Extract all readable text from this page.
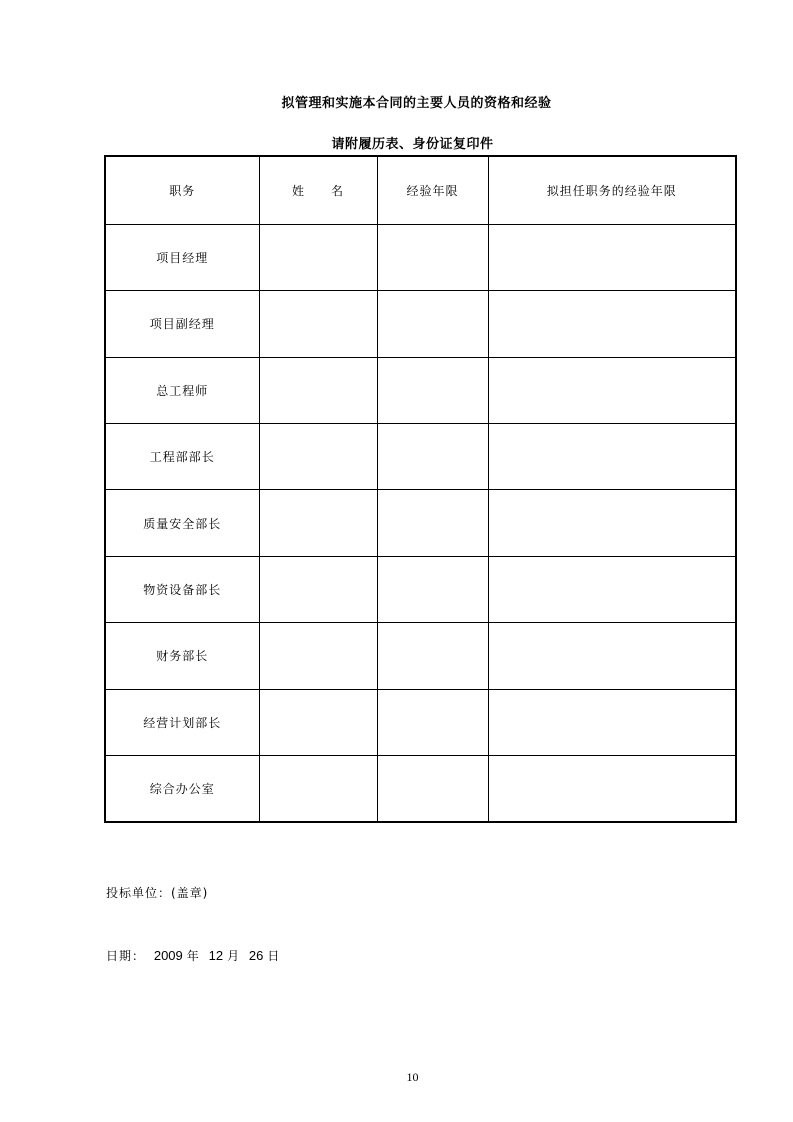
拟管理和实施本合同的主要人员的资格和经验
请附履历表、身份证复印件
职务	姓　　名	经验年限	拟担任职务的经验年限
项目经理			
项目副经理			
总工程师			
工程部部长			
质量安全部长			
物资设备部长			
财务部长			
经营计划部长			
综合办公室			
投标单位：(盖章)
日期： 2009 年 12 月 26 日
10
